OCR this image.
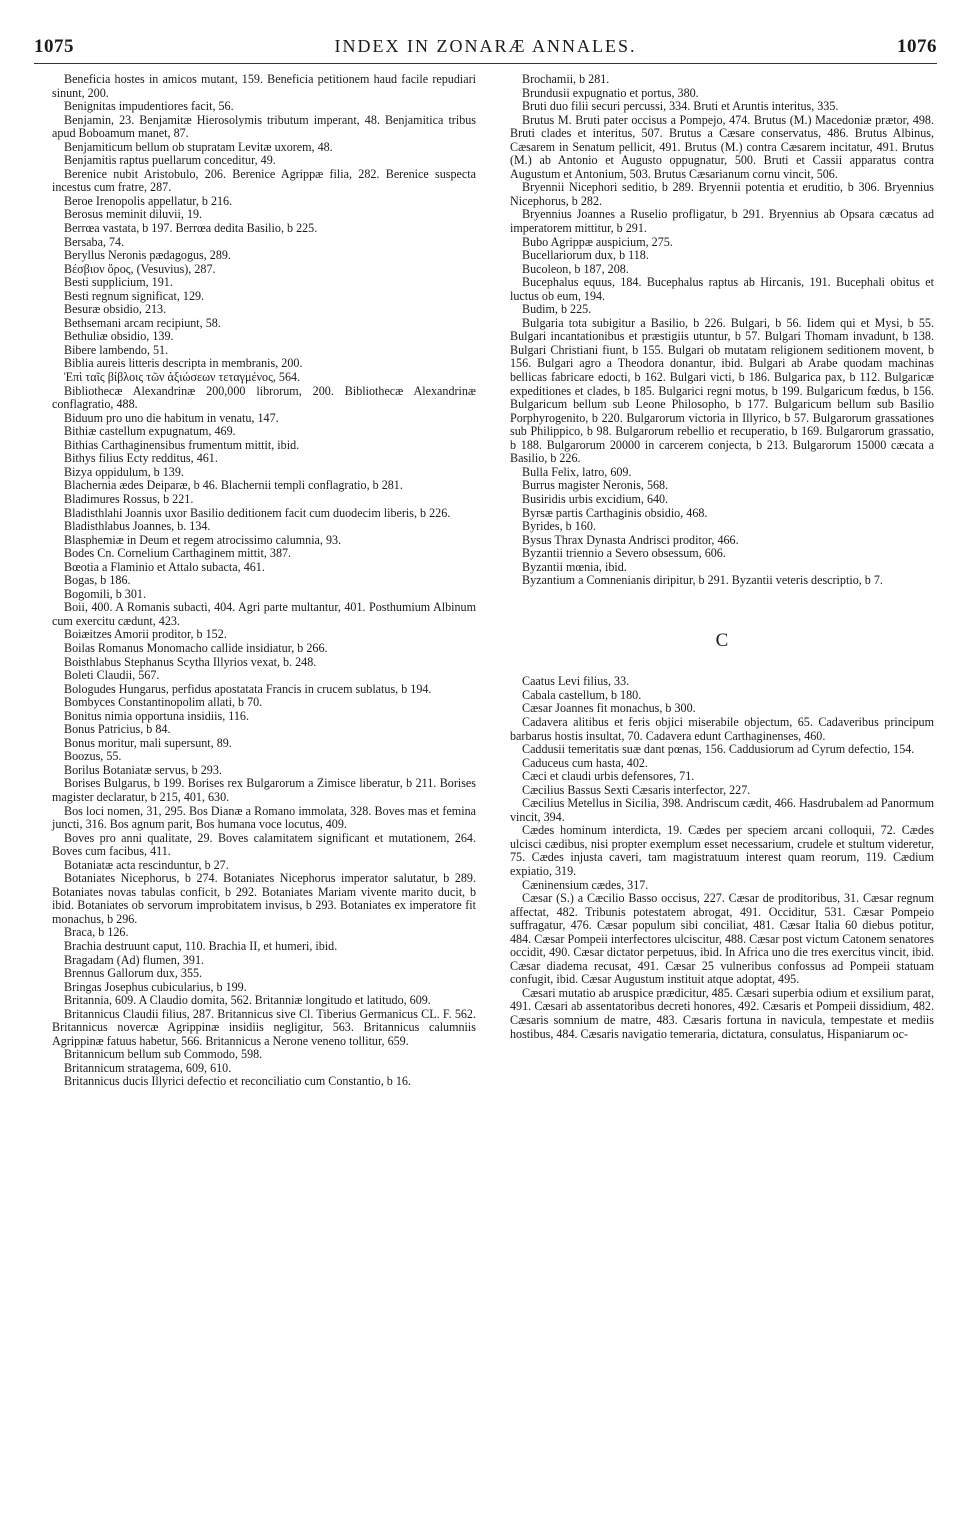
1075	INDEX IN ZONARÆ ANNALES.	1076
Beneficia hostes in amicos mutant, 159. Beneficia petitionem haud facile repudiari sinunt, 200.
Benignitas impudentiores facit, 56.
Benjamin, 23. Benjamitæ Hierosolymis tributum imperant, 48. Benjamitica tribus apud Boboamum manet, 87.
Benjamiticum bellum ob stupratam Levitæ uxorem, 48.
Benjamitis raptus puellarum conceditur, 49.
Berenice nubit Aristobulo, 206. Berenice Agrippæ filia, 282. Berenice suspecta incestus cum fratre, 287.
Beroe Irenopolis appellatur, b 216.
Berosus meminit diluvii, 19.
Berrœa vastata, b 197. Berrœa dedita Basilio, b 225.
Bersaba, 74.
Beryllus Neronis pædagogus, 289.
Βέσβιον ὄρος, (Vesuvius), 287.
Besti supplicium, 191.
Besti regnum significat, 129.
Besuræ obsidio, 213.
Bethsemani arcam recipiunt, 58.
Bethuliæ obsidio, 139.
Bibere lambendo, 51.
Biblia aureis litteris descripta in membranis, 200.
Ἐπὶ ταῖς βίβλοις τῶν ἀξιώσεων τεταγμένος, 564.
Bibliothecæ Alexandrinæ 200,000 librorum, 200. Bibliothecæ Alexandrinæ conflagratio, 488.
Biduum pro uno die habitum in venatu, 147.
Bithiæ castellum expugnatum, 469.
Bithias Carthaginensibus frumentum mittit, ibid.
Bithys filius Ecty redditus, 461.
Bizya oppidulum, b 139.
Blachernia ædes Deiparæ, b 46. Blachernii templi conflagratio, b 281.
Bladimures Rossus, b 221.
Bladisthlahi Joannis uxor Basilio deditionem facit cum duodecim liberis, b 226.
Bladisthlabus Joannes, b. 134.
Blasphemiæ in Deum et regem atrocissimo calumnia, 93.
Bodes Cn. Cornelium Carthaginem mittit, 387.
Bœotia a Flaminio et Attalo subacta, 461.
Bogas, b 186.
Bogomili, b 301.
Boii, 400. A Romanis subacti, 404. Agri parte multantur, 401. Posthumium Albinum cum exercitu cædunt, 423.
Boiæitzes Amorii proditor, b 152.
Boilas Romanus Monomacho callide insidiatur, b 266.
Boisthlabus Stephanus Scytha Illyrios vexat, b. 248.
Boleti Claudii, 567.
Bologudes Hungarus, perfidus apostatata Francis in crucem sublatus, b 194.
Bombyces Constantinopolim allati, b 70.
Bonitus nimia opportuna insidiis, 116.
Bonus Patricius, b 84.
Bonus moritur, mali supersunt, 89.
Boozus, 55.
Borilus Botaniatæ servus, b 293.
Borises Bulgarus, b 199. Borises rex Bulgarorum a Zimisce liberatur, b 211. Borises magister declaratur, b 215, 401, 630.
Bos loci nomen, 31, 295. Bos Dianæ a Romano immolata, 328. Boves mas et femina juncti, 316. Bos agnum parit, Bos humana voce locutus, 409.
Boves pro anni qualitate, 29. Boves calamitatem significant et mutationem, 264. Boves cum facibus, 411.
Botaniatæ acta rescinduntur, b 27.
Botaniates Nicephorus, b 274. Botaniates Nicephorus imperator salutatur, b 289. Botaniates novas tabulas conficit, b 292. Botaniates Mariam vivente marito ducit, b ibid. Botaniates ob servorum improbitatem invisus, b 293. Botaniates ex imperatore fit monachus, b 296.
Braca, b 126.
Brachia destruunt caput, 110. Brachia II, et humeri, ibid.
Bragadam (Ad) flumen, 391.
Brennus Gallorum dux, 355.
Bringas Josephus cubicularius, b 199.
Britannia, 609. A Claudio domita, 562. Britanniæ longitudo et latitudo, 609.
Britannicus Claudii filius, 287. Britannicus sive Cl. Tiberius Germanicus CL. F. 562. Britannicus novercæ Agrippinæ insidiis negligitur, 563. Britannicus calumniis Agrippinæ fatuus habetur, 566. Britannicus a Nerone veneno tollitur, 659.
Britannicum bellum sub Commodo, 598.
Britannicum stratagema, 609, 610.
Britannicus ducis Illyrici defectio et reconciliatio cum Constantio, b 16.
Brochamii, b 281.
Brundusii expugnatio et portus, 380.
Bruti duo filii securi percussi, 334. Bruti et Aruntis interitus, 335.
Brutus M. Bruti pater occisus a Pompejo, 474. Brutus (M.) Macedoniæ prætor, 498. Bruti clades et interitus, 507. Brutus a Cæsare conservatus, 486. Brutus Albinus, Cæsarem in Senatum pellicit, 491. Brutus (M.) contra Cæsarem incitatur, 491. Brutus (M.) ab Antonio et Augusto oppugnatur, 500. Bruti et Cassii apparatus contra Augustum et Antonium, 503. Brutus Cæsarianum cornu vincit, 506.
Bryennii Nicephori seditio, b 289. Bryennii potentia et eruditio, b 306. Bryennius Nicephorus, b 282.
Bryennius Joannes a Ruselio profligatur, b 291. Bryennius ab Opsara cæcatus ad imperatorem mittitur, b 291.
Bubo Agrippæ auspicium, 275.
Bucellariorum dux, b 118.
Bucoleon, b 187, 208.
Bucephalus equus, 184. Bucephalus raptus ab Hircanis, 191. Bucephali obitus et luctus ob eum, 194.
Budim, b 225.
Bulgaria tota subigitur a Basilio, b 226. Bulgari, b 56. Iidem qui et Mysi, b 55. Bulgari incantationibus et præstigiis utuntur, b 57. Bulgari Thomam invadunt, b 138. Bulgari Christiani fiunt, b 155. Bulgari ob mutatam religionem seditionem movent, b 156. Bulgari agro a Theodora donantur, ibid. Bulgari ab Arabe quodam machinas bellicas fabricare edocti, b 162. Bulgari victi, b 186. Bulgarica pax, b 112. Bulgaricæ expeditiones et clades, b 185. Bulgarici regni motus, b 199. Bulgaricum fœdus, b 156. Bulgaricum bellum sub Leone Philosopho, b 177. Bulgaricum bellum sub Basilio Porphyrogenito, b 220. Bulgarorum victoria in Illyrico, b 57. Bulgarorum grassationes sub Philippico, b 98. Bulgarorum rebellio et recuperatio, b 169. Bulgarorum grassatio, b 188. Bulgarorum 20000 in carcerem conjecta, b 213. Bulgarorum 15000 cæcata a Basilio, b 226.
Bulla Felix, latro, 609.
Burrus magister Neronis, 568.
Busiridis urbis excidium, 640.
Byrsæ partis Carthaginis obsidio, 468.
Byrides, b 160.
Bysus Thrax Dynasta Andrisci proditor, 466.
Byzantii triennio a Severo obsessum, 606.
Byzantii mœnia, ibid.
Byzantium a Comnenianis diripitur, b 291. Byzantii veteris descriptio, b 7.
C
Caatus Levi filius, 33.
Cabala castellum, b 180.
Cæsar Joannes fit monachus, b 300.
Cadavera alitibus et feris objici miserabile objectum, 65. Cadaveribus principum barbarus hostis insultat, 70. Cadavera edunt Carthaginenses, 460.
Caddusii temeritatis suæ dant pœnas, 156. Caddusiorum ad Cyrum defectio, 154.
Caduceus cum hasta, 402.
Cæci et claudi urbis defensores, 71.
Cæcilius Bassus Sexti Cæsaris interfector, 227.
Cæcilius Metellus in Sicilia, 398. Andriscum cædit, 466. Hasdrubalem ad Panormum vincit, 394.
Cædes hominum interdicta, 19. Cædes per speciem arcani colloquii, 72. Cædes ulcisci cædibus, nisi propter exemplum esset necessarium, crudele et stultum videretur, 75. Cædes injusta caveri, tam magistratuum interest quam reorum, 119. Cædium expiatio, 319.
Cæninensium cædes, 317.
Cæsar (S.) a Cæcilio Basso occisus, 227. Cæsar de proditoribus, 31. Cæsar regnum affectat, 482. Tribunis potestatem abrogat, 491. Occiditur, 531. Cæsar Pompeio suffragatur, 476. Cæsar populum sibi conciliat, 481. Cæsar Italia 60 diebus potitur, 484. Cæsar Pompeii interfectores ulciscitur, 488. Cæsar post victum Catonem senatores occidit, 490. Cæsar dictator perpetuus, ibid. In Africa uno die tres exercitus vincit, ibid. Cæsar diadema recusat, 491. Cæsar 25 vulneribus confossus ad Pompeii statuam confugit, ibid. Cæsar Augustum instituit atque adoptat, 495.
Cæsari mutatio ab aruspice prædicitur, 485. Cæsari superbia odium et exsilium parat, 491. Cæsari ab assentatoribus decreti honores, 492. Cæsaris et Pompeii dissidium, 482. Cæsaris somnium de matre, 483. Cæsaris fortuna in navicula, tempestate et mediis hostibus, 484. Cæsaris navigatio temeraria, dictatura, consulatus, Hispaniarum oc-
